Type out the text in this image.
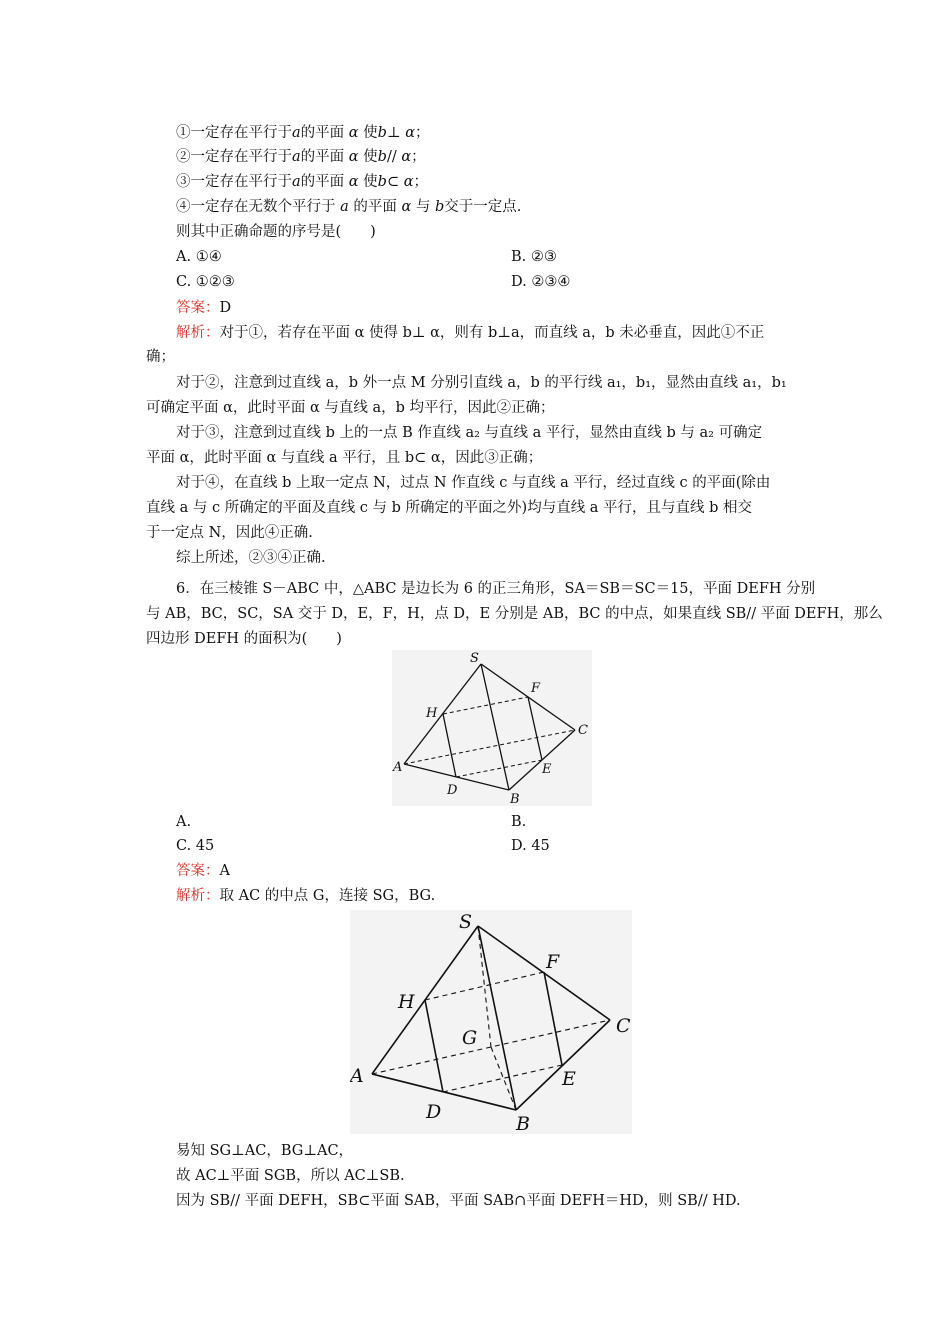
①一定存在平行于a的平面 α 使b⊥ α；
②一定存在平行于a的平面 α 使b// α；
③一定存在平行于a的平面 α 使b⊂ α；
④一定存在无数个平行于 a 的平面 α 与 b交于一定点.
则其中正确命题的序号是(　　)
A. ①④	B. ②③
C. ①②③	D. ②③④
答案：D
解析：对于①，若存在平面 α 使得 b⊥ α，则有 b⊥a，而直线 a，b 未必垂直，因此①不正
确；
对于②，注意到过直线 a，b 外一点 M 分别引直线 a，b 的平行线 a₁，b₁，显然由直线 a₁，b₁
可确定平面 α，此时平面 α 与直线 a，b 均平行，因此②正确；
对于③，注意到过直线 b 上的一点 B 作直线 a₂ 与直线 a 平行，显然由直线 b 与 a₂ 可确定
平面 α，此时平面 α 与直线 a 平行，且 b⊂ α，因此③正确；
对于④，在直线 b 上取一定点 N，过点 N 作直线 c 与直线 a 平行，经过直线 c 的平面(除由
直线 a 与 c 所确定的平面及直线 c 与 b 所确定的平面之外)均与直线 a 平行，且与直线 b 相交
于一定点 N，因此④正确.
综上所述，②③④正确.
6．在三棱锥 S－ABC 中，△ABC 是边长为 6 的正三角形，SA＝SB＝SC＝15，平面 DEFH 分别
与 AB，BC，SC，SA 交于 D，E，F，H，点 D，E 分别是 AB，BC 的中点，如果直线 SB// 平面 DEFH，那么
四边形 DEFH 的面积为(　　)
S
F
H
C
A	E
D
B
A.	B.
C. 45	D. 45
答案：A
解析：取 AC 的中点 G，连接 SG，BG.
S
F
H
G
C
A	E
D
B
易知 SG⊥AC，BG⊥AC，
故 AC⊥平面 SGB，所以 AC⊥SB.
因为 SB// 平面 DEFH，SB⊂平面 SAB，平面 SAB∩平面 DEFH＝HD，则 SB// HD.
